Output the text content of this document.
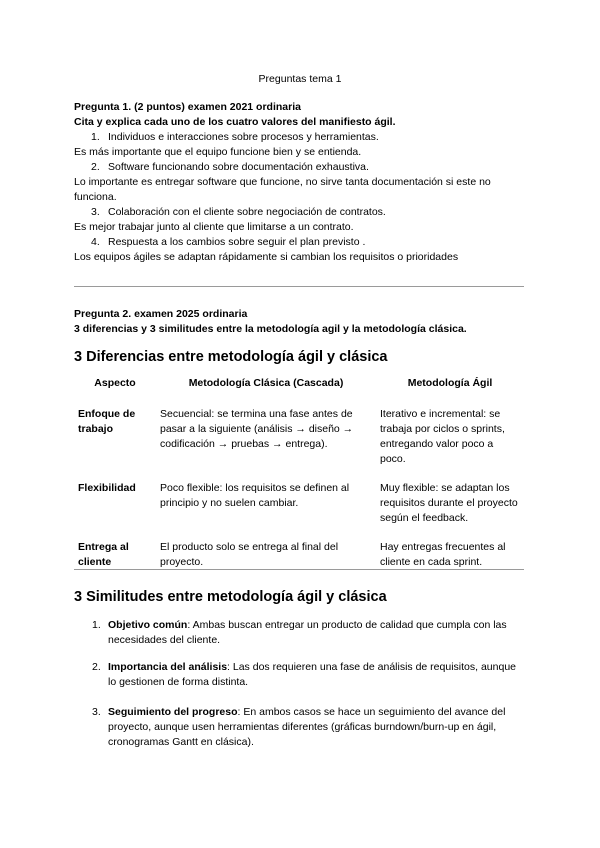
Preguntas tema 1
Pregunta 1. (2 puntos) examen 2021 ordinaria
Cita y explica cada uno de los cuatro valores del manifiesto ágil.
1. Individuos e interacciones sobre procesos y herramientas.
Es más importante que el equipo funcione bien y se entienda.
2. Software funcionando sobre documentación exhaustiva.
Lo importante es entregar software que funcione, no sirve tanta documentación si este no
funciona.
3. Colaboración con el cliente sobre negociación de contratos.
Es mejor trabajar junto al cliente que limitarse a un contrato.
4. Respuesta a los cambios sobre seguir el plan previsto .
Los equipos ágiles se adaptan rápidamente si cambian los requisitos o prioridades
Pregunta 2. examen 2025 ordinaria
3 diferencias y 3 similitudes entre la metodología agil y la metodología clásica.
3 Diferencias entre metodología ágil y clásica
Aspecto	Metodología Clásica (Cascada)	Metodología Ágil
Enfoque de trabajo	Secuencial: se termina una fase antes de pasar a la siguiente (análisis → diseño → codificación → pruebas → entrega).	Iterativo e incremental: se trabaja por ciclos o sprints, entregando valor poco a poco.
Flexibilidad	Poco flexible: los requisitos se definen al principio y no suelen cambiar.	Muy flexible: se adaptan los requisitos durante el proyecto según el feedback.
Entrega al cliente	El producto solo se entrega al final del proyecto.	Hay entregas frecuentes al cliente en cada sprint.
3 Similitudes entre metodología ágil y clásica
1. Objetivo común: Ambas buscan entregar un producto de calidad que cumpla con las necesidades del cliente.
2. Importancia del análisis: Las dos requieren una fase de análisis de requisitos, aunque lo gestionen de forma distinta.
3. Seguimiento del progreso: En ambos casos se hace un seguimiento del avance del proyecto, aunque usen herramientas diferentes (gráficas burndown/burn-up en ágil, cronogramas Gantt en clásica).
